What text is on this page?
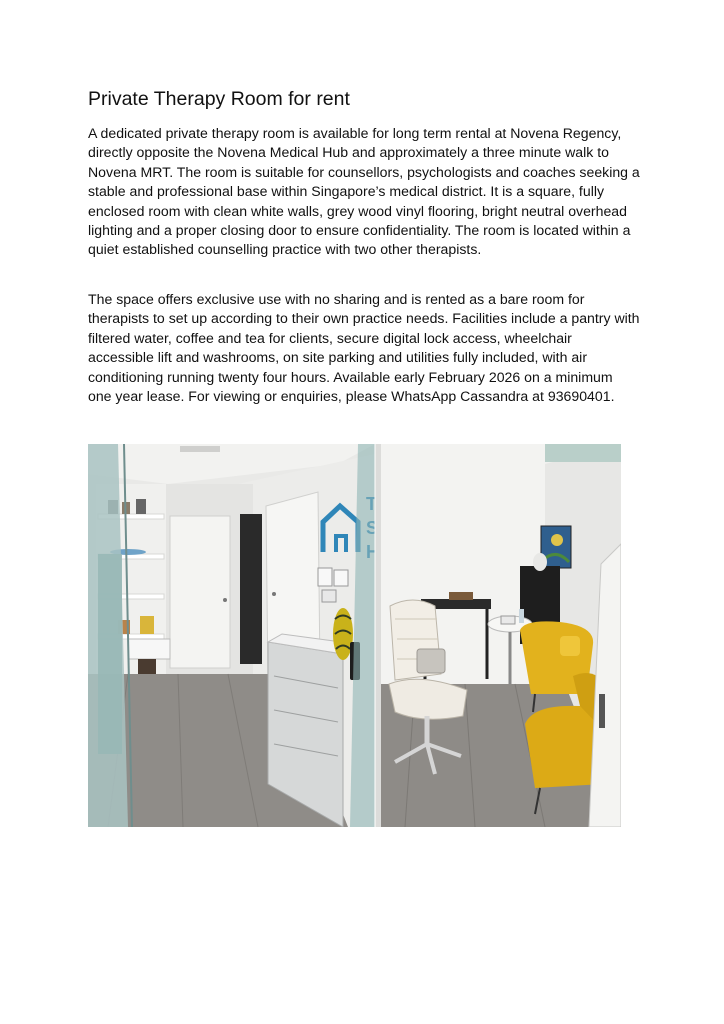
Private Therapy Room for rent

A dedicated private therapy room is available for long term rental at Novena Regency, directly opposite the Novena Medical Hub and approximately a three minute walk to Novena MRT. The room is suitable for counsellors, psychologists and coaches seeking a stable and professional base within Singapore’s medical district. It is a square, fully enclosed room with clean white walls, grey wood vinyl flooring, bright neutral overhead lighting and a proper closing door to ensure confidentiality. The room is located within a quiet established counselling practice with two other therapists.

The space offers exclusive use with no sharing and is rented as a bare room for therapists to set up according to their own practice needs. Facilities include a pantry with filtered water, coffee and tea for clients, secure digital lock access, wheelchair accessible lift and washrooms, on site parking and utilities fully included, with air conditioning running twenty four hours. Available early February 2026 on a minimum one year lease. For viewing or enquiries, please WhatsApp Cassandra at 93690401.
